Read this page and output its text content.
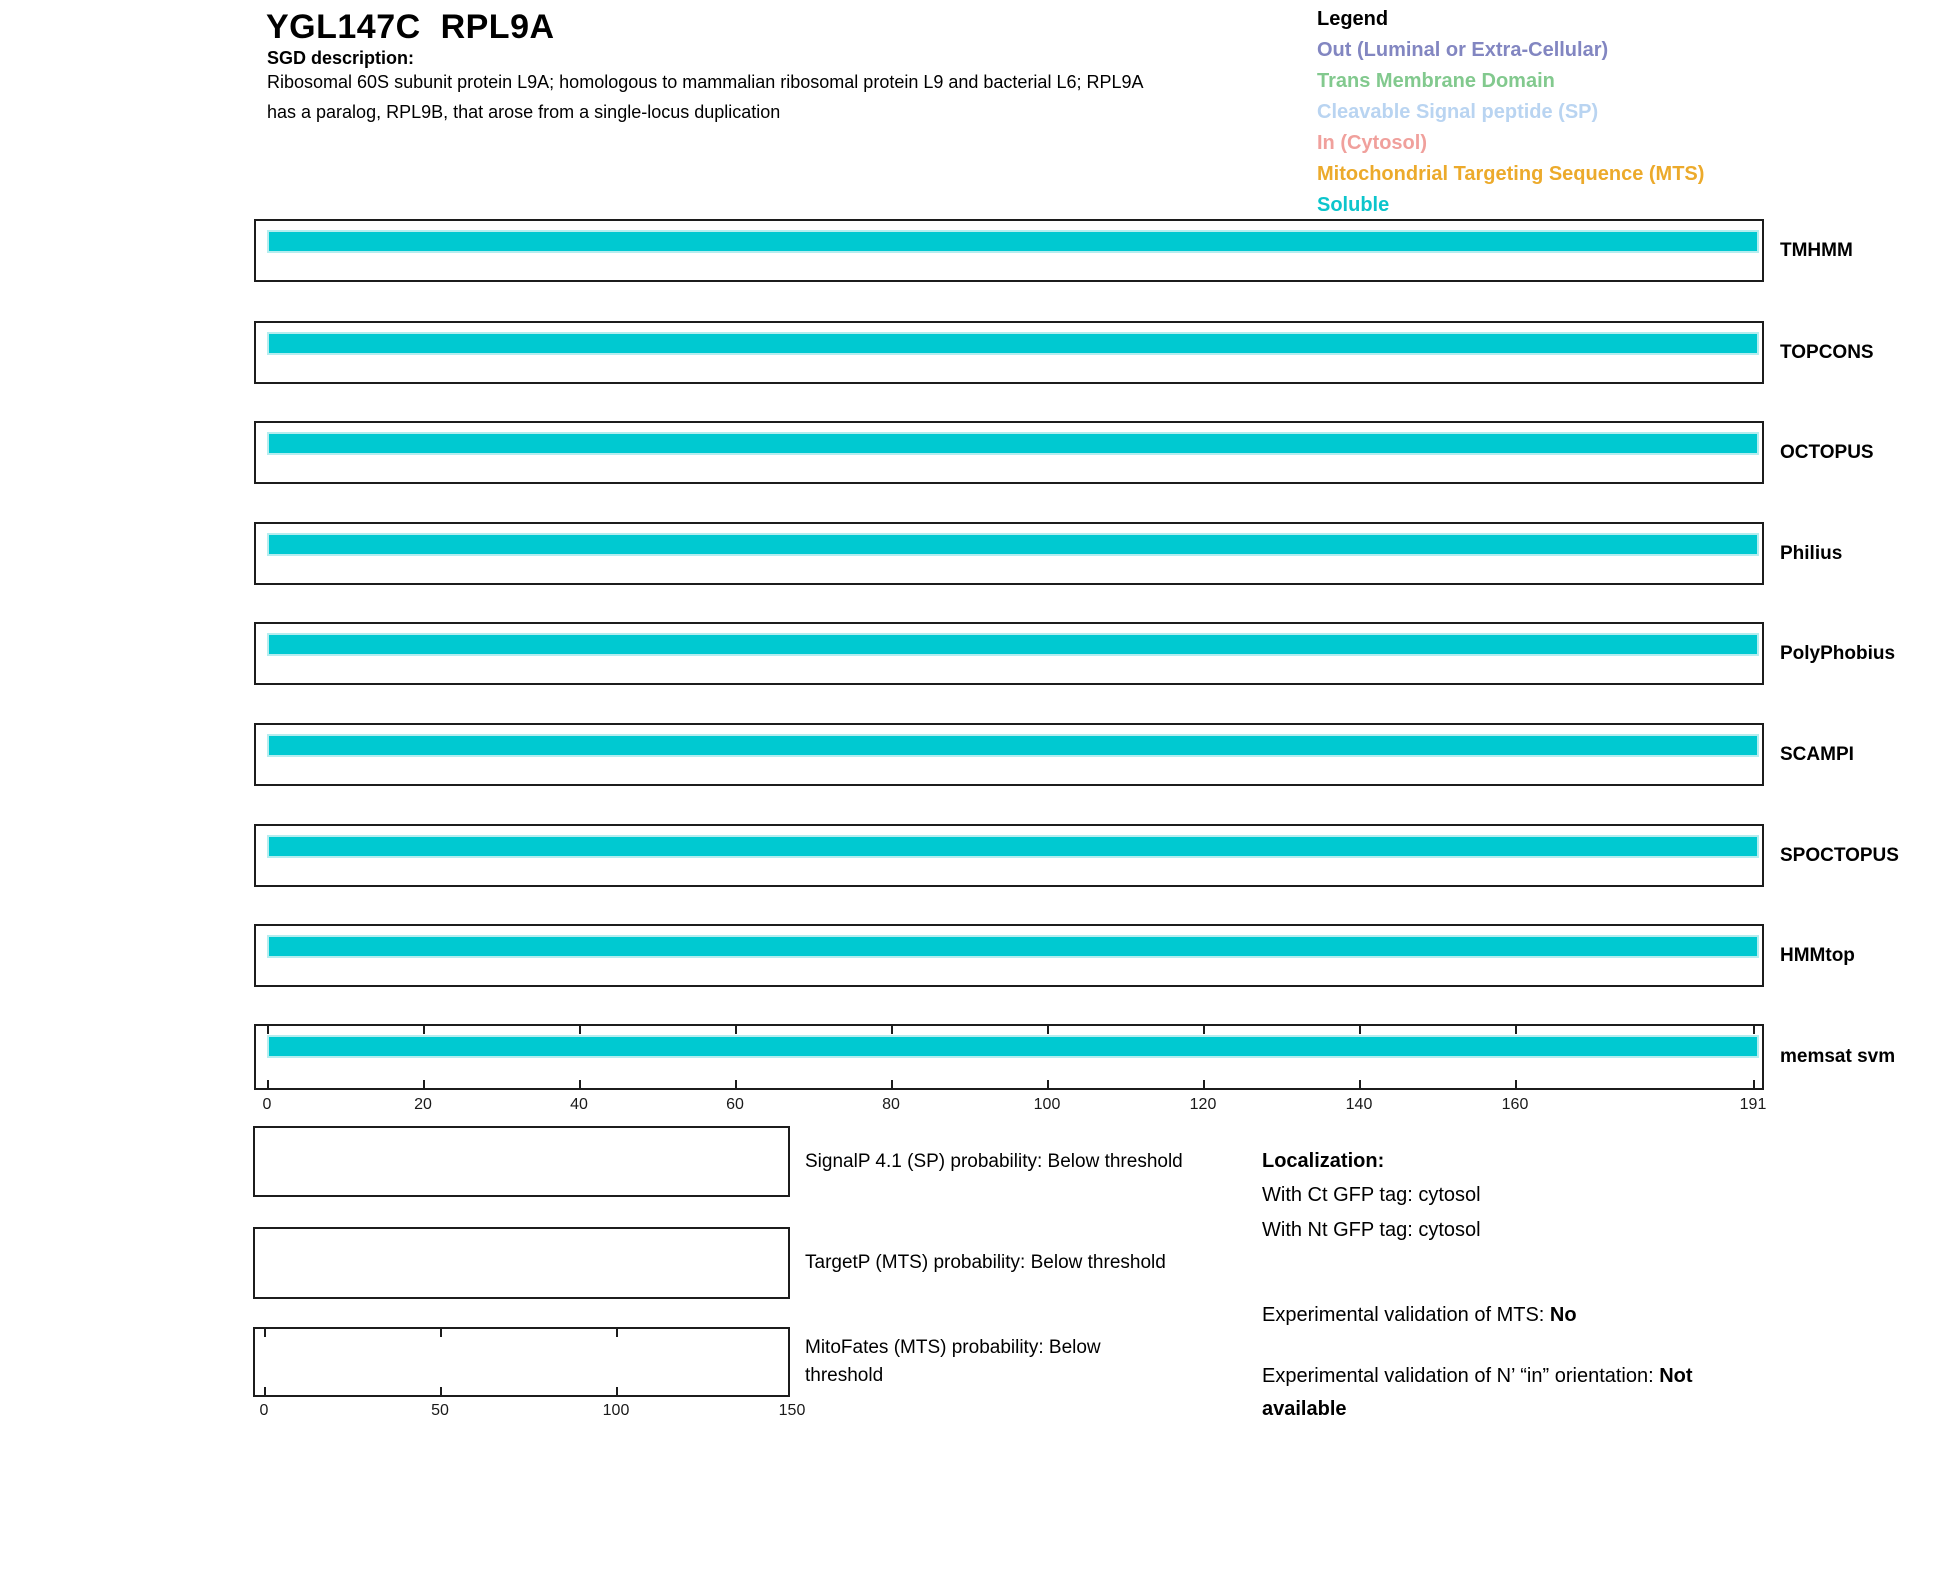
YGL147C  RPL9A
SGD description:
Ribosomal 60S subunit protein L9A; homologous to mammalian ribosomal protein L9 and bacterial L6; RPL9A
has a paralog, RPL9B, that arose from a single-locus duplication
Legend
Out (Luminal or Extra-Cellular)
Trans Membrane Domain
Cleavable Signal peptide (SP)
In (Cytosol)
Mitochondrial Targeting Sequence (MTS)
Soluble
TMHMM
TOPCONS
OCTOPUS
Philius
PolyPhobius
SCAMPI
SPOCTOPUS
HMMtop
memsat svm
0	20	40	60	80	100	120	140	160	191
SignalP 4.1 (SP) probability: Below threshold
TargetP (MTS) probability: Below threshold
MitoFates (MTS) probability: Below threshold
0	50	100	150
Localization:
With Ct GFP tag: cytosol
With Nt GFP tag: cytosol
Experimental validation of MTS: No
Experimental validation of N’ “in” orientation: Not available
